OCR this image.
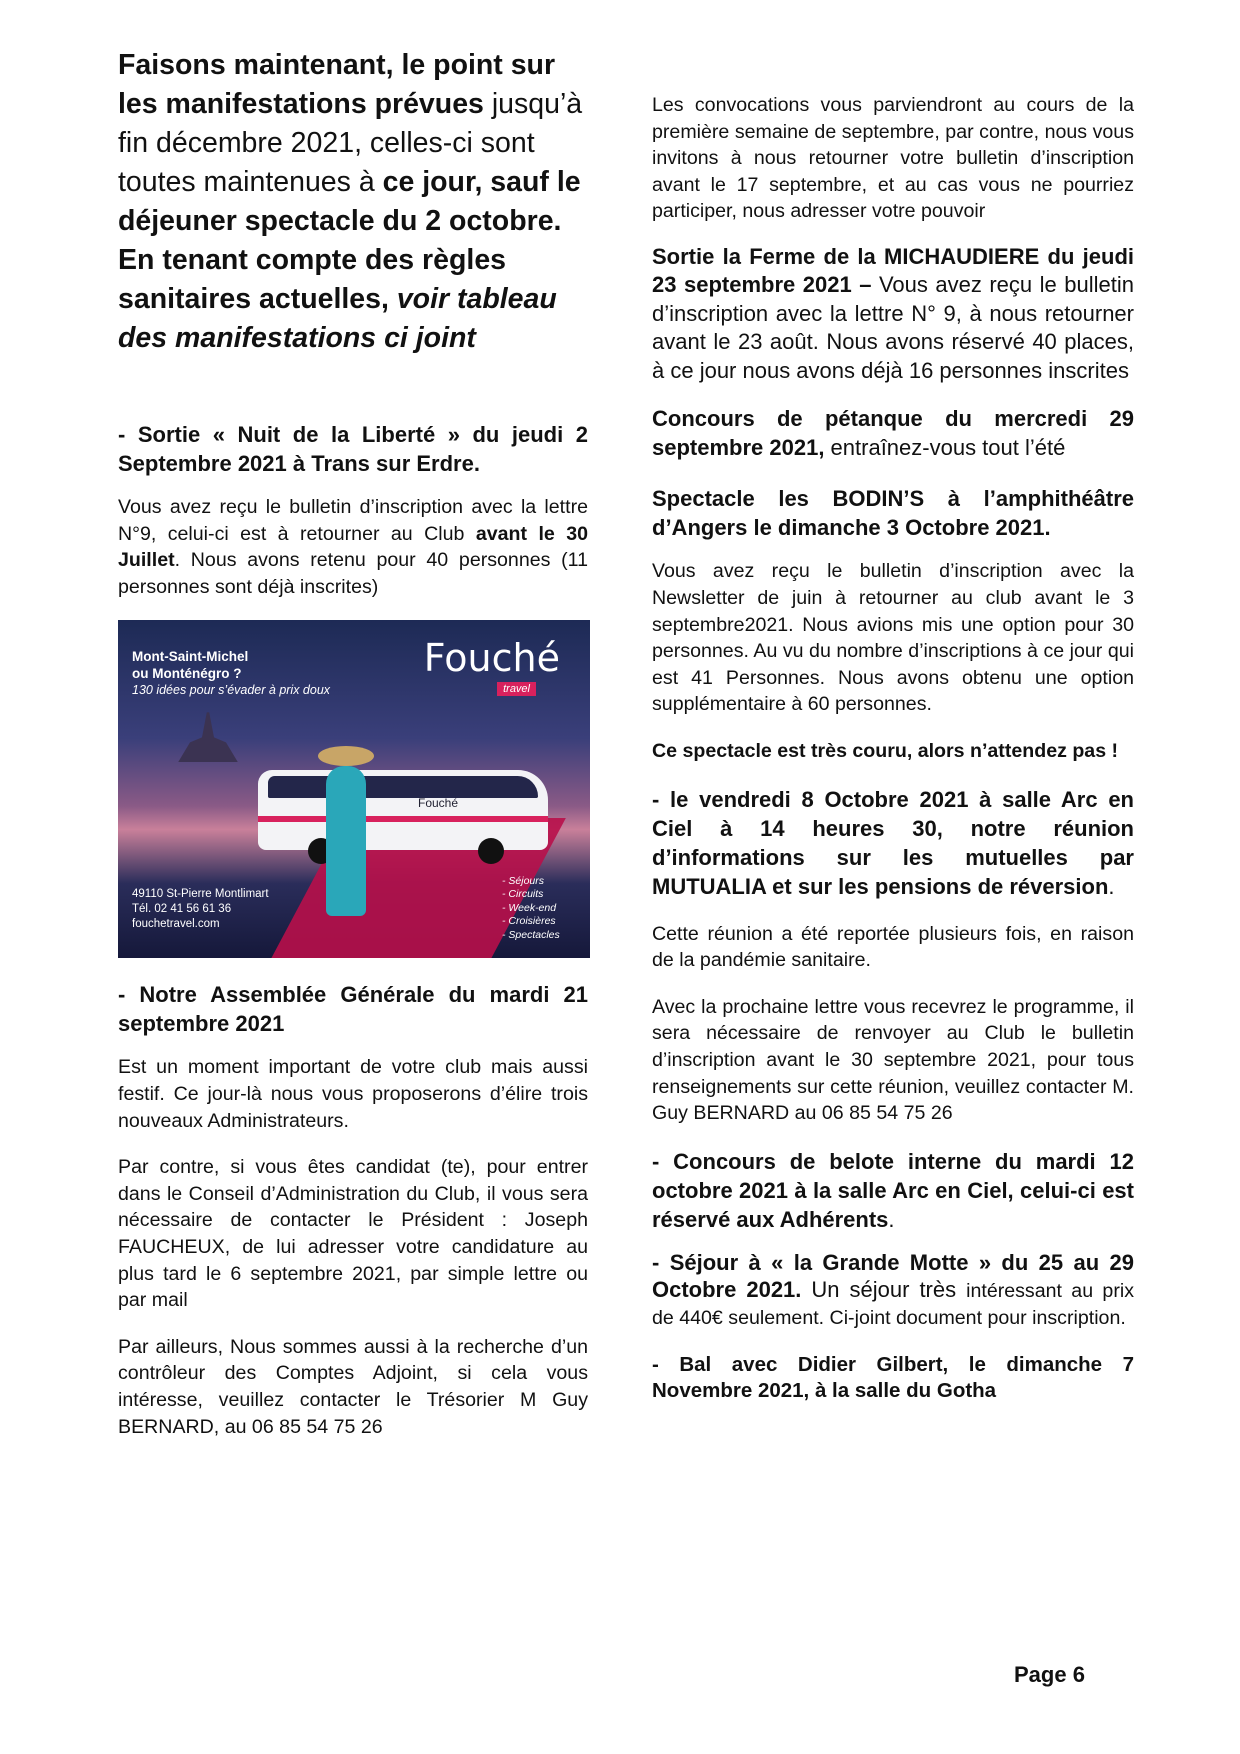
Faisons maintenant, le point sur les manifestations prévues jusqu’à fin décembre 2021, celles-ci sont toutes maintenues à ce jour, sauf le déjeuner spectacle du 2 octobre. En tenant compte des règles sanitaires actuelles, voir tableau des manifestations ci joint

- Sortie « Nuit de la Liberté » du jeudi 2 Septembre 2021 à Trans sur Erdre.

Vous avez reçu le bulletin d’inscription avec la lettre N°9, celui-ci est à retourner au Club avant le 30 Juillet. Nous avons retenu pour 40 personnes (11 personnes sont déjà inscrites)

Fouché
Mont-Saint-Michel
ou Monténégro ?
130 idées pour s’évader à prix doux
Fouché
travel
49110 St-Pierre Montlimart
Tél. 02 41 56 61 36
fouchetravel.com
- Séjours
- Circuits
- Week-end
- Croisières
- Spectacles

- Notre Assemblée Générale du mardi 21 septembre 2021

Est un moment important de votre club mais aussi festif. Ce jour-là nous vous proposerons d’élire trois nouveaux Administrateurs.

Par contre, si vous êtes candidat (te), pour entrer dans le Conseil d’Administration du Club, il vous sera nécessaire de contacter le Président : Joseph FAUCHEUX, de lui adresser votre candidature au plus tard le 6 septembre 2021, par simple lettre ou par mail

Par ailleurs, Nous sommes aussi à la recherche d’un contrôleur des Comptes Adjoint, si cela vous intéresse, veuillez contacter le Trésorier M Guy BERNARD, au 06 85 54 75 26

Les convocations vous parviendront au cours de la première semaine de septembre, par contre, nous vous invitons à nous retourner votre bulletin d’inscription avant le 17 septembre, et au cas vous ne pourriez participer, nous adresser votre pouvoir

Sortie la Ferme de la MICHAUDIERE du jeudi 23 septembre 2021 – Vous avez reçu le bulletin d’inscription avec la lettre N° 9, à nous retourner avant le 23 août. Nous avons réservé 40 places, à ce jour nous avons déjà 16 personnes inscrites

Concours de pétanque du mercredi 29 septembre 2021, entraînez-vous tout l’été

Spectacle les BODIN’S à l’amphithéâtre d’Angers le dimanche 3 Octobre 2021.

Vous avez reçu le bulletin d’inscription avec la Newsletter de juin à retourner au club avant le 3 septembre2021. Nous avions mis une option pour 30 personnes. Au vu du nombre d’inscriptions à ce jour qui est 41 Personnes. Nous avons obtenu une option supplémentaire à 60 personnes.

Ce spectacle est très couru, alors n’attendez pas !

- le vendredi 8 Octobre 2021 à salle Arc en Ciel à 14 heures 30, notre réunion d’informations sur les mutuelles par MUTUALIA et sur les pensions de réversion.

Cette réunion a été reportée plusieurs fois, en raison de la pandémie sanitaire.

Avec la prochaine lettre vous recevrez le programme, il sera nécessaire de renvoyer au Club le bulletin d’inscription avant le 30 septembre 2021, pour tous renseignements sur cette réunion, veuillez contacter M. Guy BERNARD au 06 85 54 75 26

- Concours de belote interne du mardi 12 octobre 2021 à la salle Arc en Ciel, celui-ci est réservé aux Adhérents.

- Séjour à « la Grande Motte » du 25 au 29 Octobre 2021. Un séjour très intéressant au prix de 440€ seulement. Ci-joint document pour inscription.

- Bal avec Didier Gilbert, le dimanche 7 Novembre 2021, à la salle du Gotha

Page 6
